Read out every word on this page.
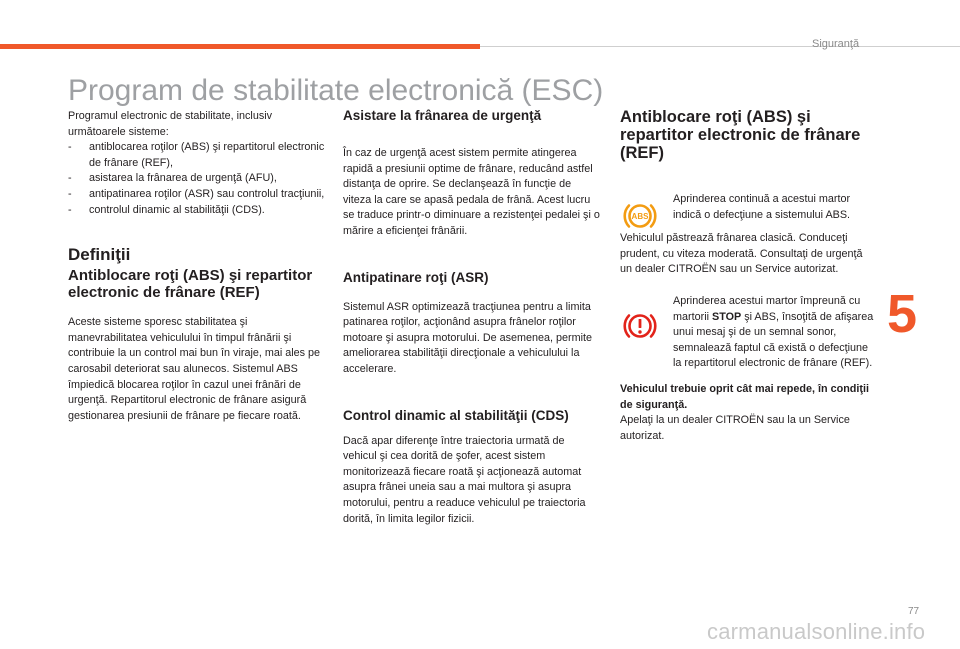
Siguranţă
Program de stabilitate electronică (ESC)

Programul electronic de stabilitate, inclusiv următoarele sisteme:

- antiblocarea roţilor (ABS) şi repartitorul electronic de frânare (REF),
- asistarea la frânarea de urgenţă (AFU),
- antipatinarea roţilor (ASR) sau controlul tracţiunii,
- controlul dinamic al stabilităţii (CDS).
Definiţii
Antiblocare roţi (ABS) şi repartitor electronic de frânare (REF)

Aceste sisteme sporesc stabilitatea şi manevrabilitatea vehiculului în timpul frânării şi contribuie la un control mai bun în viraje, mai ales pe carosabil deteriorat sau alunecos. Sistemul ABS împiedică blocarea roţilor în cazul unei frânări de urgenţă. Repartitorul electronic de frânare asigură gestionarea presiunii de frânare pe fiecare roată.

Asistare la frânarea de urgenţă

În caz de urgenţă acest sistem permite atingerea rapidă a presiunii optime de frânare, reducând astfel distanţa de oprire. Se declanşează în funcţie de viteza la care se apasă pedala de frână. Acest lucru se traduce printr-o diminuare a rezistenţei pedalei şi o mărire a eficienţei frânării.

Antipatinare roţi (ASR)

Sistemul ASR optimizează tracţiunea pentru a limita patinarea roţilor, acţionând asupra frânelor roţilor motoare şi asupra motorului. De asemenea, permite ameliorarea stabilităţii direcţionale a vehiculului la accelerare.

Control dinamic al stabilităţii (CDS)

Dacă apar diferenţe între traiectoria urmată de vehicul şi cea dorită de şofer, acest sistem monitorizează fiecare roată şi acţionează automat asupra frânei uneia sau a mai multora şi asupra motorului, pentru a readuce vehiculul pe traiectoria dorită, în limita legilor fizicii.

Antiblocare roţi (ABS) şi repartitor electronic de frânare (REF)
ABS

Aprinderea continuă a acestui martor indică o defecţiune a sistemului ABS.

Vehiculul păstrează frânarea clasică. Conduceţi prudent, cu viteza moderată. Consultaţi de urgenţă un dealer CITROËN sau un Service autorizat.

Aprinderea acestui martor împreună cu martorii STOP şi ABS, însoţită de afişarea unui mesaj şi de un semnal sonor, semnalează faptul că există o defecţiune la repartitorul electronic de frânare (REF).

Vehiculul trebuie oprit cât mai repede, în condiţii de siguranţă.

Apelaţi la un dealer CITROËN sau la un Service autorizat.

5
77
carmanualsonline.info
